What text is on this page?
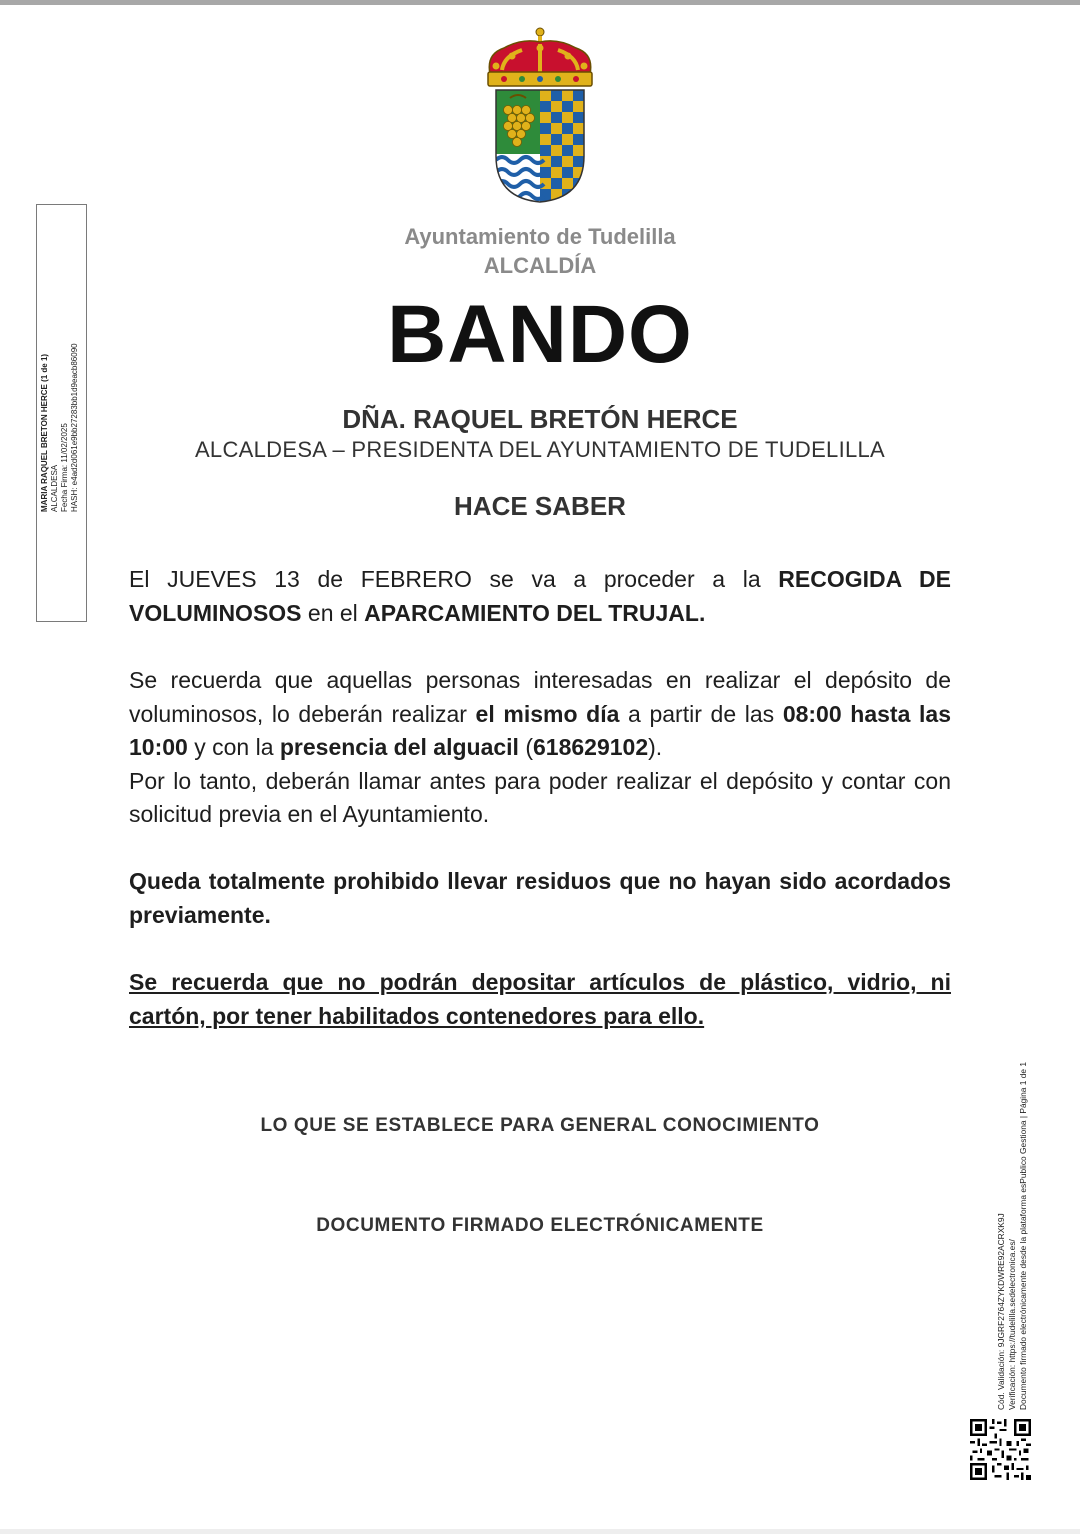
Ayuntamiento de Tudelilla
ALCALDÍA
BANDO
DÑA. RAQUEL BRETÓN HERCE
ALCALDESA – PRESIDENTA DEL AYUNTAMIENTO DE TUDELILLA
HACE SABER

El JUEVES 13 de FEBRERO se va a proceder a la RECOGIDA DE VOLUMINOSOS en el APARCAMIENTO DEL TRUJAL.

Se recuerda que aquellas personas interesadas en realizar el depósito de voluminosos, lo deberán realizar el mismo día a partir de las 08:00 hasta las 10:00 y con la presencia del alguacil (618629102).
Por lo tanto, deberán llamar antes para poder realizar el depósito y contar con solicitud previa en el Ayuntamiento.

Queda totalmente prohibido llevar residuos que no hayan sido acordados previamente.

Se recuerda que no podrán depositar artículos de plástico, vidrio, ni cartón, por tener habilitados contenedores para ello.

LO QUE SE ESTABLECE PARA GENERAL CONOCIMIENTO
DOCUMENTO FIRMADO ELECTRÓNICAMENTE
MARIA RAQUEL BRETON HERCE (1 de 1) ALCALDESA Fecha Firma: 11/02/2025 HASH: e4ad2d061e9bb27283bb1d9eacb86090
Cód. Validación: 9JGRF2764ZYKDWRE92ACRXK9J Verificación: https://tudelilla.sedelectronica.es/ Documento firmado electrónicamente desde la plataforma esPublico Gestiona | Página 1 de 1
